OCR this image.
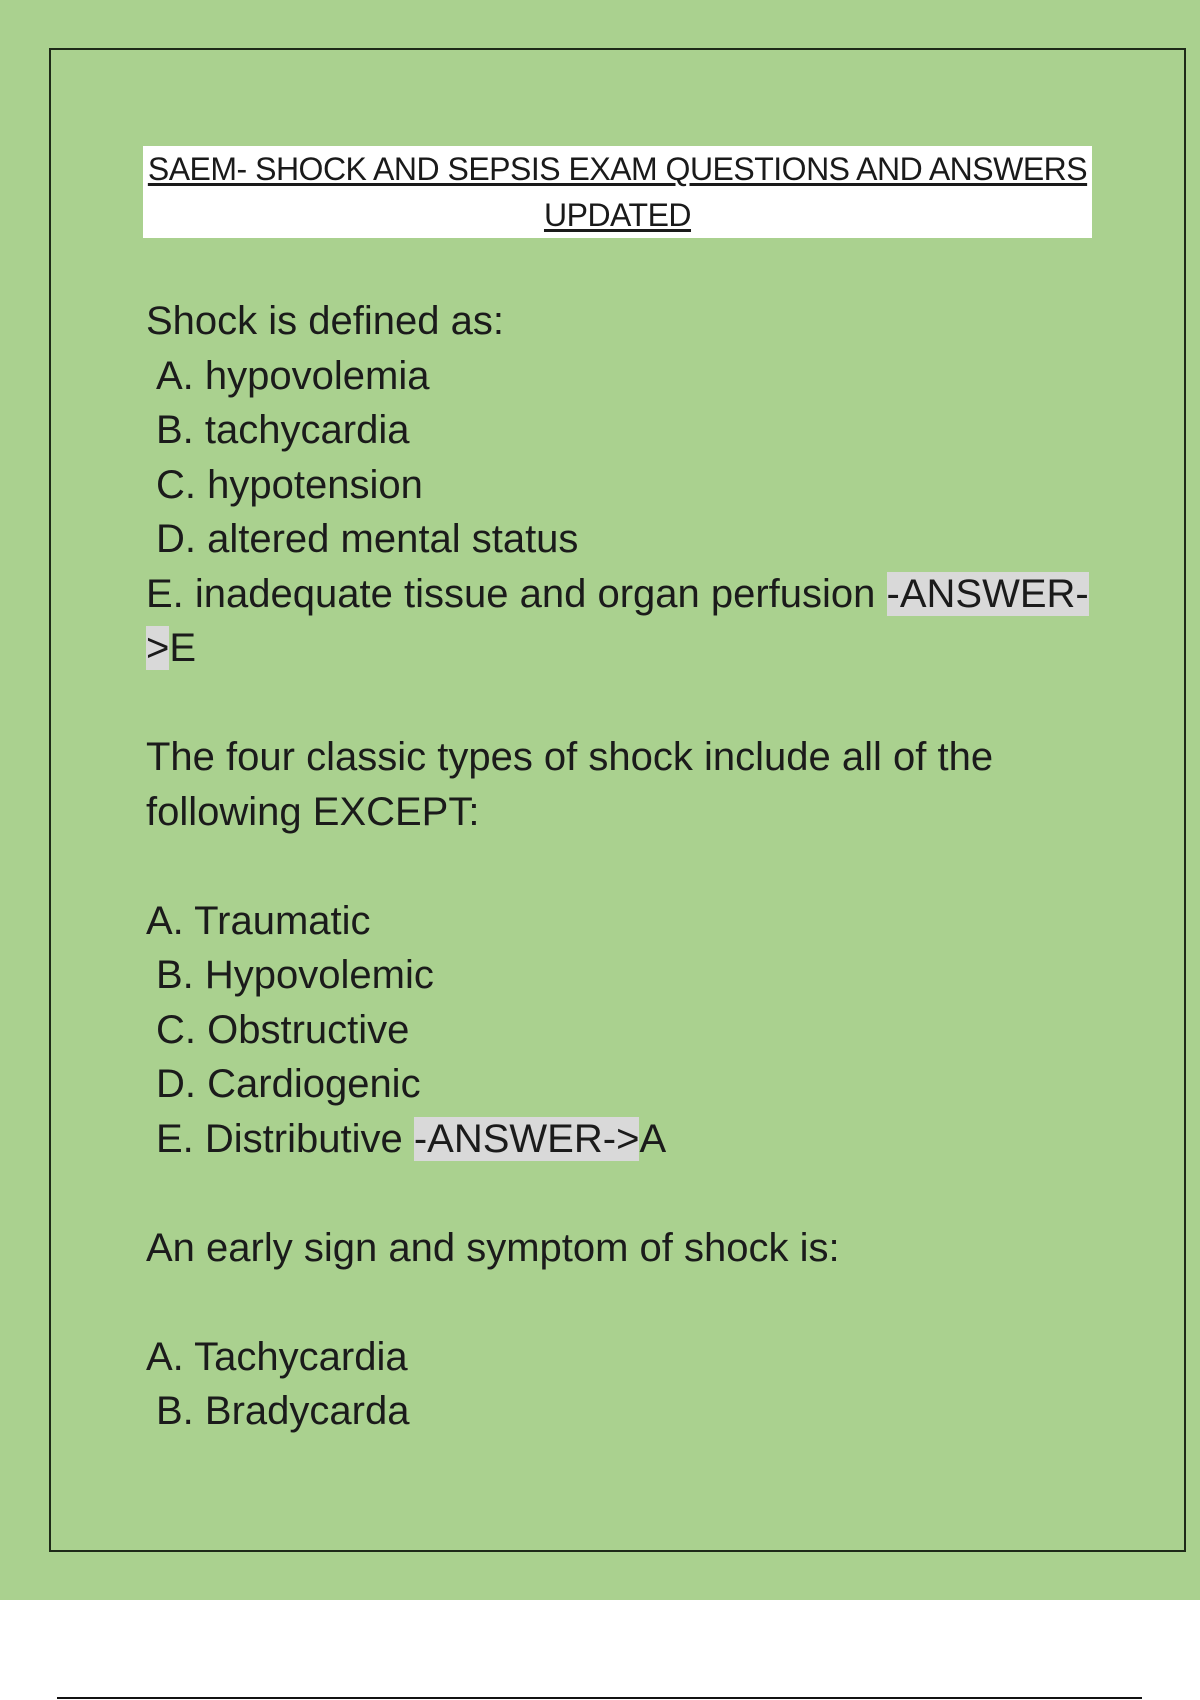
SAEM- SHOCK AND SEPSIS EXAM QUESTIONS AND ANSWERS
UPDATED

Shock is defined as:

A. hypovolemia

B. tachycardia

C. hypotension

D. altered mental status

E. inadequate tissue and organ perfusion -ANSWER-

>E

The four classic types of shock include all of the

following EXCEPT:

A. Traumatic

B. Hypovolemic

C. Obstructive

D. Cardiogenic

E. Distributive -ANSWER->A

An early sign and symptom of shock is:

A. Tachycardia

B. Bradycarda
